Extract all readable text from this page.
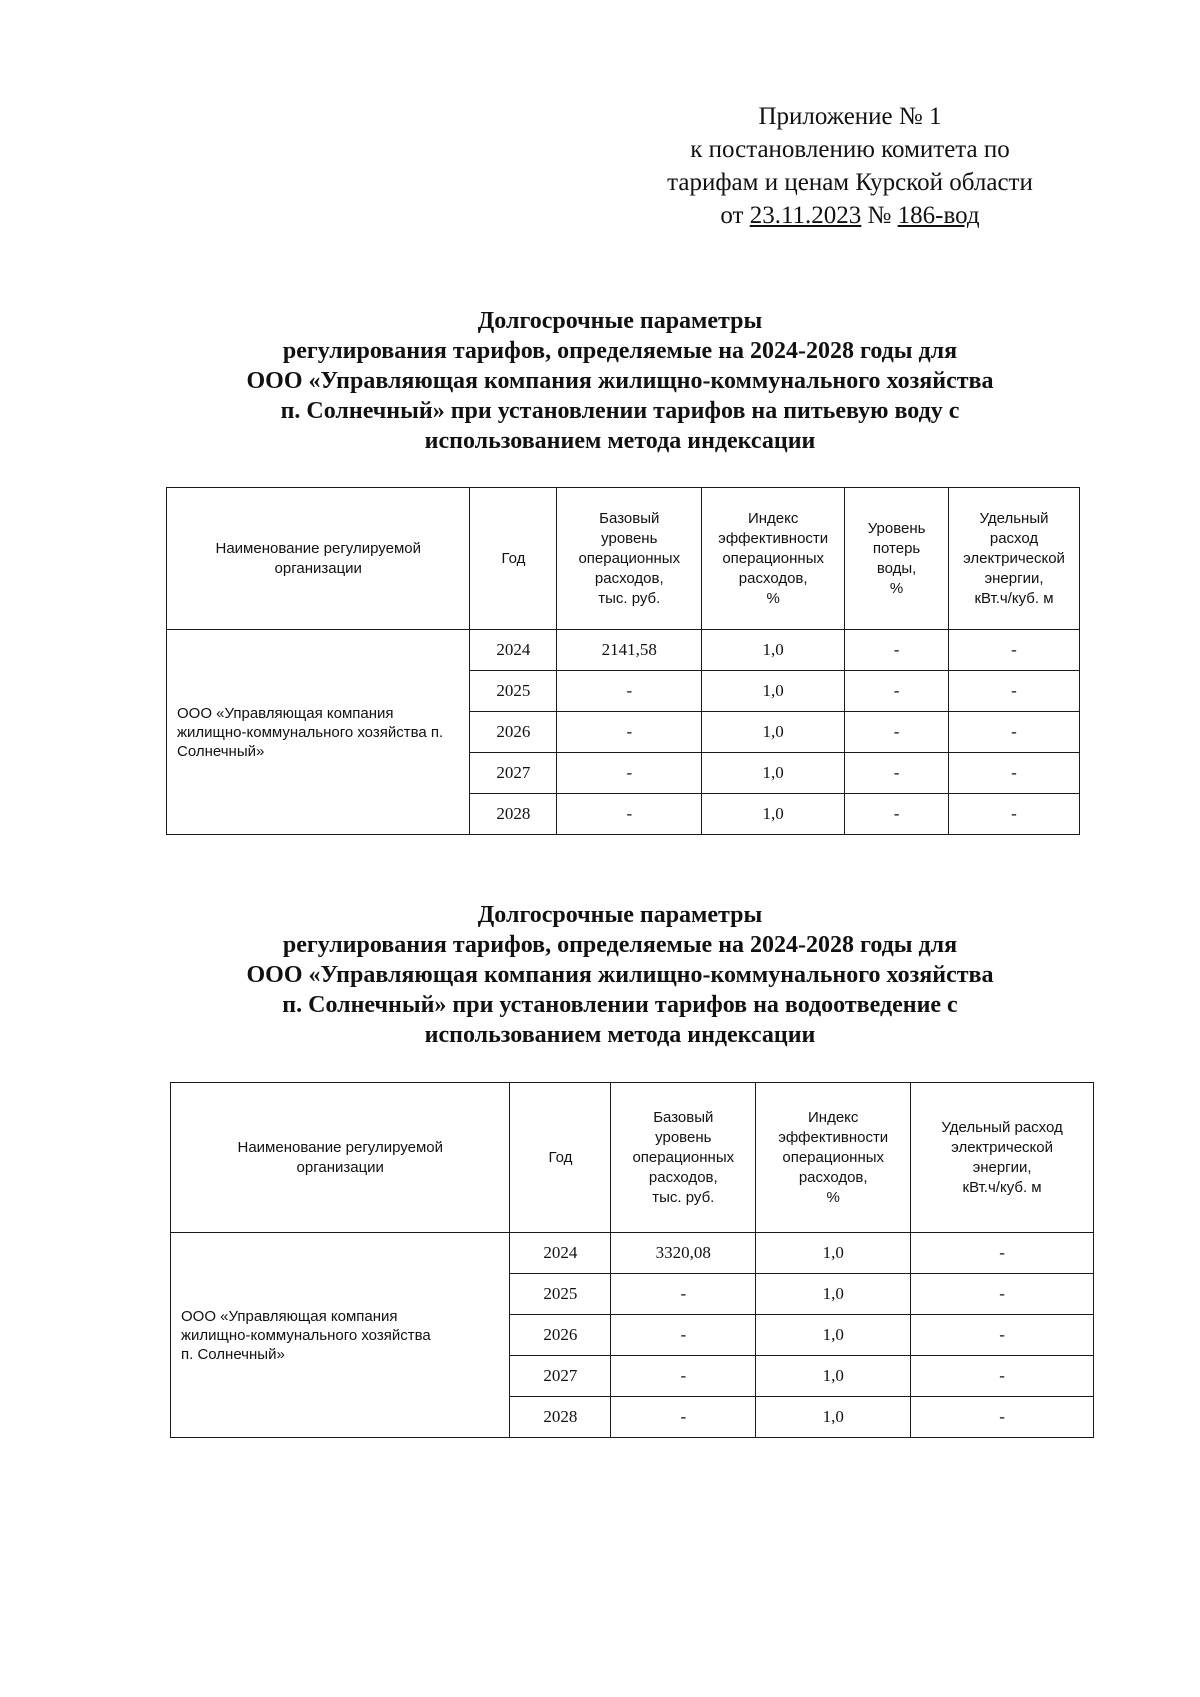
Приложение № 1
к постановлению комитета по
тарифам и ценам Курской области
от 23.11.2023 № 186-вод
Долгосрочные параметры
регулирования тарифов, определяемые на 2024-2028 годы для
ООО «Управляющая компания жилищно-коммунального хозяйства
п. Солнечный» при установлении тарифов на питьевую воду с
использованием метода индексации
Наименование регулируемой
организации	Год	Базовый
уровень
операционных
расходов,
тыс. руб.	Индекс
эффективности
операционных
расходов,
%	Уровень
потерь
воды,
%	Удельный
расход
электрической
энергии,
кВт.ч/куб. м

ООО «Управляющая компания жилищно-коммунального хозяйства п. Солнечный»	2024	2141,58	1,0	-	-
	2025	-	1,0	-	-
	2026	-	1,0	-	-
	2027	-	1,0	-	-
	2028	-	1,0	-	-
Долгосрочные параметры
регулирования тарифов, определяемые на 2024-2028 годы для
ООО «Управляющая компания жилищно-коммунального хозяйства
п. Солнечный» при установлении тарифов на водоотведение с
использованием метода индексации
Наименование регулируемой
организации	Год	Базовый
уровень
операционных
расходов,
тыс. руб.	Индекс
эффективности
операционных
расходов,
%	Удельный расход
электрической
энергии,
кВт.ч/куб. м

ООО «Управляющая компания
жилищно-коммунального хозяйства
п. Солнечный»	2024	3320,08	1,0	-
	2025	-	1,0	-
	2026	-	1,0	-
	2027	-	1,0	-
	2028	-	1,0	-
